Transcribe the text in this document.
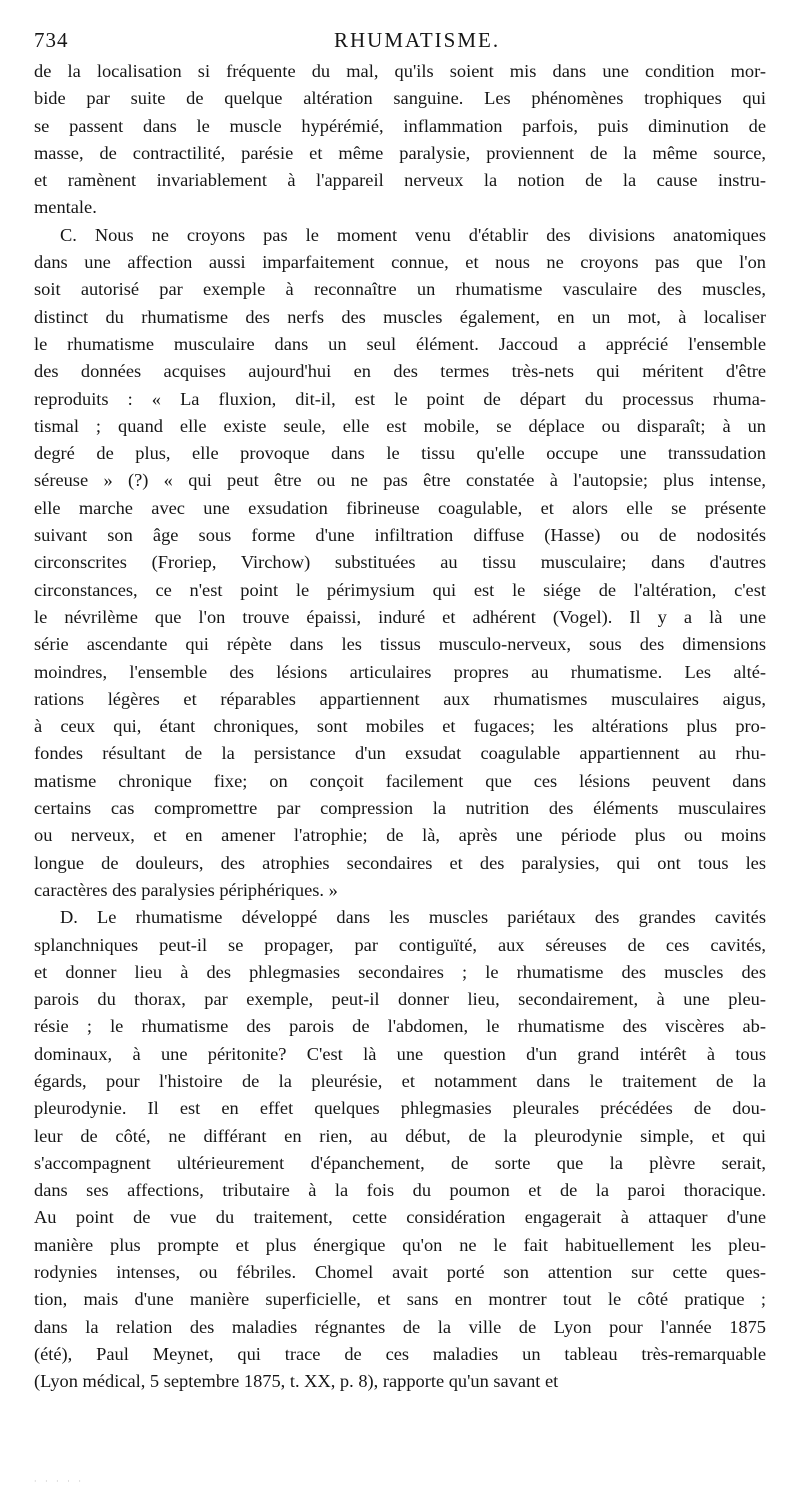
734	RHUMATISME.
de la localisation si fréquente du mal, qu'ils soient mis dans une condition mor-
bide par suite de quelque altération sanguine. Les phénomènes trophiques qui
se passent dans le muscle hypérémié, inflammation parfois, puis diminution de
masse, de contractilité, parésie et même paralysie, proviennent de la même source,
et ramènent invariablement à l'appareil nerveux la notion de la cause instru-
mentale.
C. Nous ne croyons pas le moment venu d'établir des divisions anatomiques
dans une affection aussi imparfaitement connue, et nous ne croyons pas que l'on
soit autorisé par exemple à reconnaître un rhumatisme vasculaire des muscles,
distinct du rhumatisme des nerfs des muscles également, en un mot, à localiser
le rhumatisme musculaire dans un seul élément. Jaccoud a apprécié l'ensemble
des données acquises aujourd'hui en des termes très-nets qui méritent d'être
reproduits : « La fluxion, dit-il, est le point de départ du processus rhuma-
tismal ; quand elle existe seule, elle est mobile, se déplace ou disparaît; à un
degré de plus, elle provoque dans le tissu qu'elle occupe une transsudation
séreuse » (?) « qui peut être ou ne pas être constatée à l'autopsie; plus intense,
elle marche avec une exsudation fibrineuse coagulable, et alors elle se présente
suivant son âge sous forme d'une infiltration diffuse (Hasse) ou de nodosités
circonscrites (Froriep, Virchow) substituées au tissu musculaire; dans d'autres
circonstances, ce n'est point le périmysium qui est le siége de l'altération, c'est
le névrilème que l'on trouve épaissi, induré et adhérent (Vogel). Il y a là une
série ascendante qui répète dans les tissus musculo-nerveux, sous des dimensions
moindres, l'ensemble des lésions articulaires propres au rhumatisme. Les alté-
rations légères et réparables appartiennent aux rhumatismes musculaires aigus,
à ceux qui, étant chroniques, sont mobiles et fugaces; les altérations plus pro-
fondes résultant de la persistance d'un exsudat coagulable appartiennent au rhu-
matisme chronique fixe; on conçoit facilement que ces lésions peuvent dans
certains cas compromettre par compression la nutrition des éléments musculaires
ou nerveux, et en amener l'atrophie; de là, après une période plus ou moins
longue de douleurs, des atrophies secondaires et des paralysies, qui ont tous les
caractères des paralysies périphériques. »
D. Le rhumatisme développé dans les muscles pariétaux des grandes cavités
splanchniques peut-il se propager, par contiguïté, aux séreuses de ces cavités,
et donner lieu à des phlegmasies secondaires ; le rhumatisme des muscles des
parois du thorax, par exemple, peut-il donner lieu, secondairement, à une pleu-
résie ; le rhumatisme des parois de l'abdomen, le rhumatisme des viscères ab-
dominaux, à une péritonite? C'est là une question d'un grand intérêt à tous
égards, pour l'histoire de la pleurésie, et notamment dans le traitement de la
pleurodynie. Il est en effet quelques phlegmasies pleurales précédées de dou-
leur de côté, ne différant en rien, au début, de la pleurodynie simple, et qui
s'accompagnent ultérieurement d'épanchement, de sorte que la plèvre serait,
dans ses affections, tributaire à la fois du poumon et de la paroi thoracique.
Au point de vue du traitement, cette considération engagerait à attaquer d'une
manière plus prompte et plus énergique qu'on ne le fait habituellement les pleu-
rodynies intenses, ou fébriles. Chomel avait porté son attention sur cette ques-
tion, mais d'une manière superficielle, et sans en montrer tout le côté pratique ;
dans la relation des maladies régnantes de la ville de Lyon pour l'année 1875
(été), Paul Meynet, qui trace de ces maladies un tableau très-remarquable
(Lyon médical, 5 septembre 1875, t. XX, p. 8), rapporte qu'un savant et
· · · · ·
